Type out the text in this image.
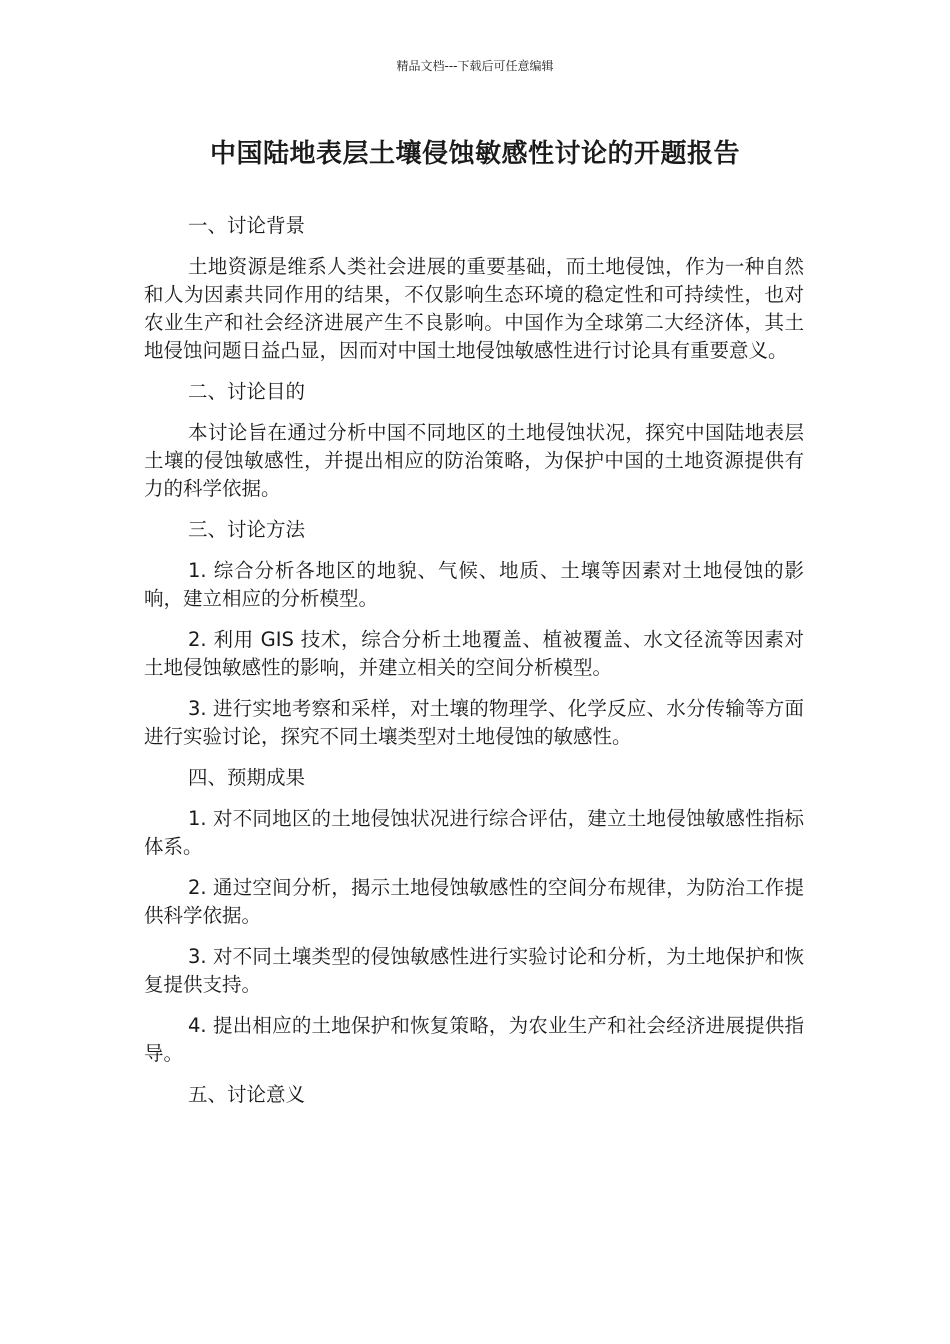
精品文档---下载后可任意编辑
中国陆地表层土壤侵蚀敏感性讨论的开题报告

一、讨论背景

土地资源是维系人类社会进展的重要基础，而土地侵蚀，作为一种自然和人为因素共同作用的结果，不仅影响生态环境的稳定性和可持续性，也对农业生产和社会经济进展产生不良影响。中国作为全球第二大经济体，其土地侵蚀问题日益凸显，因而对中国土地侵蚀敏感性进行讨论具有重要意义。

二、讨论目的

本讨论旨在通过分析中国不同地区的土地侵蚀状况，探究中国陆地表层土壤的侵蚀敏感性，并提出相应的防治策略，为保护中国的土地资源提供有力的科学依据。

三、讨论方法

1. 综合分析各地区的地貌、气候、地质、土壤等因素对土地侵蚀的影响，建立相应的分析模型。

2. 利用 GIS 技术，综合分析土地覆盖、植被覆盖、水文径流等因素对土地侵蚀敏感性的影响，并建立相关的空间分析模型。

3. 进行实地考察和采样，对土壤的物理学、化学反应、水分传输等方面进行实验讨论，探究不同土壤类型对土地侵蚀的敏感性。

四、预期成果

1. 对不同地区的土地侵蚀状况进行综合评估，建立土地侵蚀敏感性指标体系。

2. 通过空间分析，揭示土地侵蚀敏感性的空间分布规律，为防治工作提供科学依据。

3. 对不同土壤类型的侵蚀敏感性进行实验讨论和分析，为土地保护和恢复提供支持。

4. 提出相应的土地保护和恢复策略，为农业生产和社会经济进展提供指导。

五、讨论意义
